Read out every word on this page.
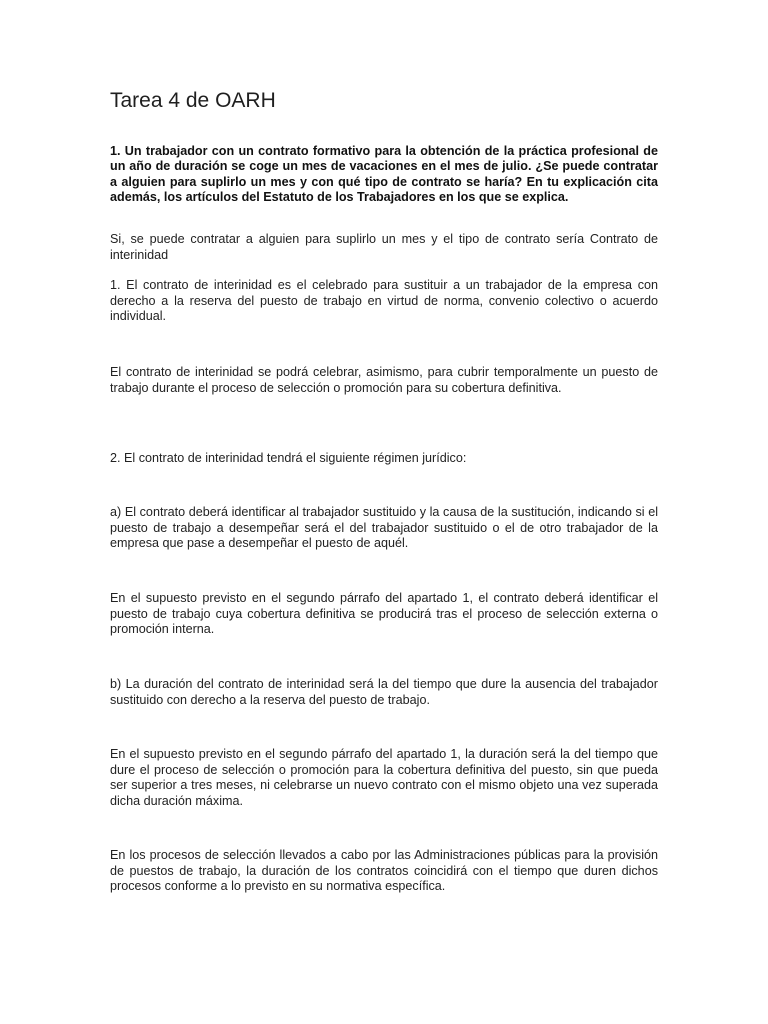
Tarea 4 de OARH

1. Un trabajador con un contrato formativo para la obtención de la práctica profesional de un año de duración se coge un mes de vacaciones en el mes de julio. ¿Se puede contratar a alguien para suplirlo un mes y con qué tipo de contrato se haría? En tu explicación cita además, los artículos del Estatuto de los Trabajadores en los que se explica.

Si, se puede contratar a alguien para suplirlo un mes y el tipo de contrato sería Contrato de interinidad

1. El contrato de interinidad es el celebrado para sustituir a un trabajador de la empresa con derecho a la reserva del puesto de trabajo en virtud de norma, convenio colectivo o acuerdo individual.

El contrato de interinidad se podrá celebrar, asimismo, para cubrir temporalmente un puesto de trabajo durante el proceso de selección o promoción para su cobertura definitiva.

2. El contrato de interinidad tendrá el siguiente régimen jurídico:

a) El contrato deberá identificar al trabajador sustituido y la causa de la sustitución, indicando si el puesto de trabajo a desempeñar será el del trabajador sustituido o el de otro trabajador de la empresa que pase a desempeñar el puesto de aquél.

En el supuesto previsto en el segundo párrafo del apartado 1, el contrato deberá identificar el puesto de trabajo cuya cobertura definitiva se producirá tras el proceso de selección externa o promoción interna.

b) La duración del contrato de interinidad será la del tiempo que dure la ausencia del trabajador sustituido con derecho a la reserva del puesto de trabajo.

En el supuesto previsto en el segundo párrafo del apartado 1, la duración será la del tiempo que dure el proceso de selección o promoción para la cobertura definitiva del puesto, sin que pueda ser superior a tres meses, ni celebrarse un nuevo contrato con el mismo objeto una vez superada dicha duración máxima.

En los procesos de selección llevados a cabo por las Administraciones públicas para la provisión de puestos de trabajo, la duración de los contratos coincidirá con el tiempo que duren dichos procesos conforme a lo previsto en su normativa específica.
